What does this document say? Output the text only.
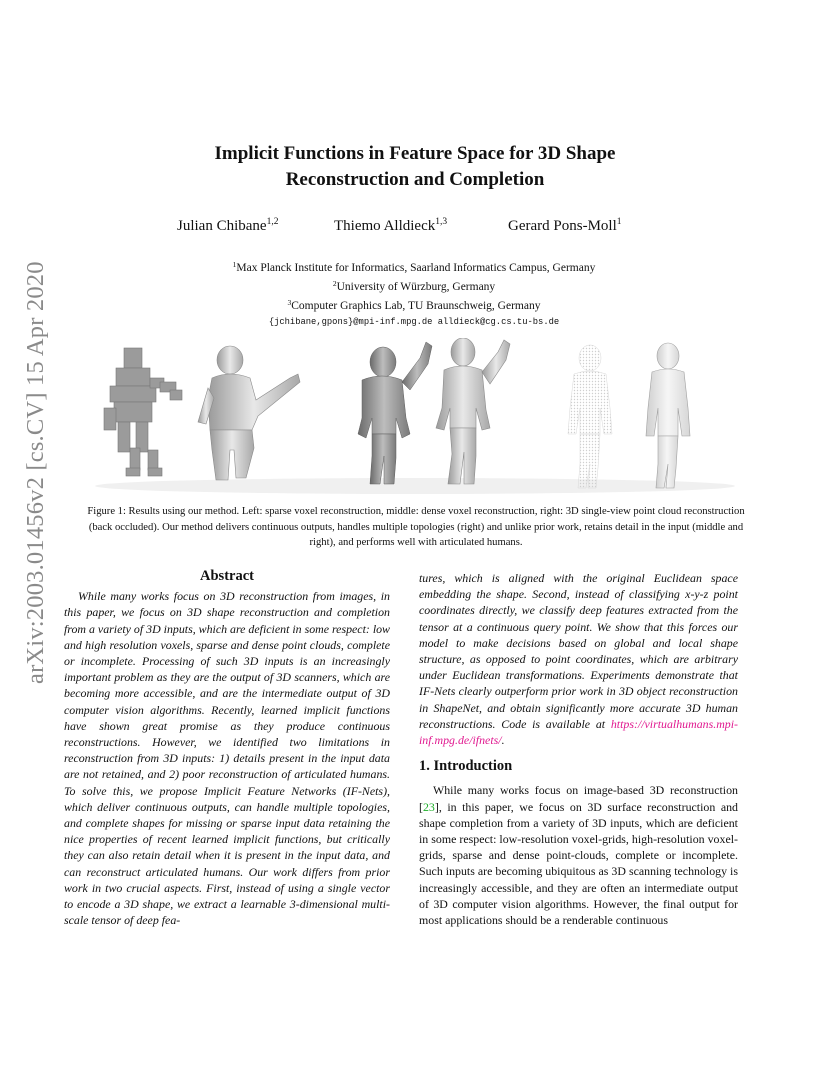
arXiv:2003.01456v2 [cs.CV] 15 Apr 2020
Implicit Functions in Feature Space for 3D Shape
Reconstruction and Completion
Julian Chibane$^{1,2}$	Thiemo Alldieck$^{1,3}$	Gerard Pons-Moll$^1$
$^1$Max Planck Institute for Informatics, Saarland Informatics Campus, Germany
$^2$University of Würzburg, Germany
$^3$Computer Graphics Lab, TU Braunschweig, Germany
{jchibane,gpons}@mpi-inf.mpg.de alldieck@cg.cs.tu-bs.de
Figure 1: Results using our method. Left: sparse voxel reconstruction, middle: dense voxel reconstruction, right: 3D single-view point cloud reconstruction (back occluded). Our method delivers continuous outputs, handles multiple topologies (right) and unlike prior work, retains detail in the input (middle and right), and performs well with articulated humans.
Abstract

While many works focus on 3D reconstruction from images, in this paper, we focus on 3D shape reconstruction and completion from a variety of 3D inputs, which are deficient in some respect: low and high resolution voxels, sparse and dense point clouds, complete or incomplete. Processing of such 3D inputs is an increasingly important problem as they are the output of 3D scanners, which are becoming more accessible, and are the intermediate output of 3D computer vision algorithms. Recently, learned implicit functions have shown great promise as they produce continuous reconstructions. However, we identified two limitations in reconstruction from 3D inputs: 1) details present in the input data are not retained, and 2) poor reconstruction of articulated humans. To solve this, we propose Implicit Feature Networks (IF-Nets), which deliver continuous outputs, can handle multiple topologies, and complete shapes for missing or sparse input data retaining the nice properties of recent learned implicit functions, but critically they can also retain detail when it is present in the input data, and can reconstruct articulated humans. Our work differs from prior work in two crucial aspects. First, instead of using a single vector to encode a 3D shape, we extract a learnable 3-dimensional multi-scale tensor of deep fea-

tures, which is aligned with the original Euclidean space embedding the shape. Second, instead of classifying x-y-z point coordinates directly, we classify deep features extracted from the tensor at a continuous query point. We show that this forces our model to make decisions based on global and local shape structure, as opposed to point coordinates, which are arbitrary under Euclidean transformations. Experiments demonstrate that IF-Nets clearly outperform prior work in 3D object reconstruction in ShapeNet, and obtain significantly more accurate 3D human reconstructions. Code is available at https://virtualhumans.mpi-inf.mpg.de/ifnets/.

1. Introduction

While many works focus on image-based 3D reconstruction [23], in this paper, we focus on 3D surface reconstruction and shape completion from a variety of 3D inputs, which are deficient in some respect: low-resolution voxel-grids, high-resolution voxel-grids, sparse and dense point-clouds, complete or incomplete. Such inputs are becoming ubiquitous as 3D scanning technology is increasingly accessible, and they are often an intermediate output of 3D computer vision algorithms. However, the final output for most applications should be a renderable continuous
